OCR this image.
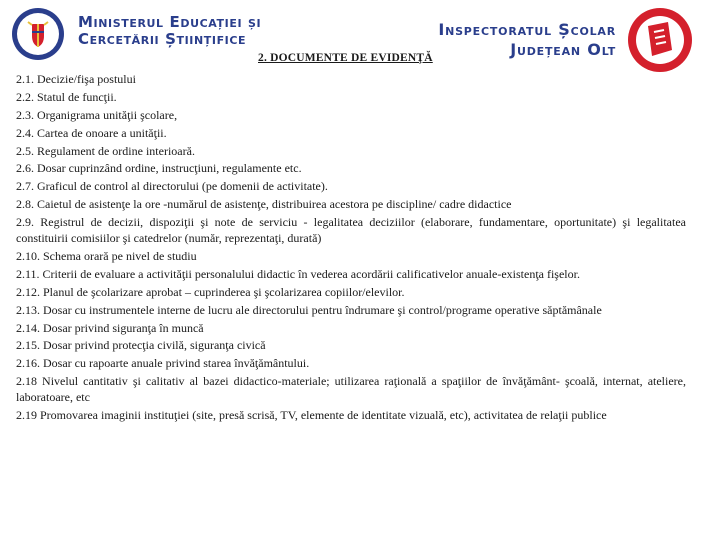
Ministerul Educației și
Cercetării Științifice	Inspectoratul Școlar
Județean Olt
2. DOCUMENTE DE EVIDENŢĂ

2.1. Decizie/fişa postului

2.2. Statul de funcţii.

2.3. Organigrama unităţii şcolare,

2.4. Cartea de onoare a unităţii.

2.5. Regulament de ordine interioară.

2.6. Dosar cuprinzând ordine, instrucţiuni, regulamente etc.

2.7. Graficul de control al directorului (pe domenii de activitate).

2.8. Caietul de asistenţe la ore -numărul de asistenţe, distribuirea acestora pe discipline/ cadre didactice

2.9. Registrul de decizii, dispoziţii şi note de serviciu - legalitatea deciziilor (elaborare, fundamentare, oportunitate) şi legalitatea constituirii comisiilor şi catedrelor (număr, reprezentaţi, durată)

2.10. Schema orară pe nivel de studiu

2.11. Criterii de evaluare a activităţii personalului didactic în vederea acordării calificativelor anuale-existenţa fişelor.

2.12. Planul de şcolarizare aprobat – cuprinderea şi şcolarizarea copiilor/elevilor.

2.13. Dosar cu instrumentele interne de lucru ale directorului pentru îndrumare şi control/programe operative săptămânale

2.14. Dosar privind siguranţa în muncă

2.15. Dosar privind protecţia civilă, siguranţa civică

2.16. Dosar cu rapoarte anuale privind starea învăţământului.

2.18 Nivelul cantitativ şi calitativ al bazei didactico-materiale; utilizarea raţională a spaţiilor de învăţământ- şcoală, internat, ateliere, laboratoare, etc

2.19 Promovarea imaginii instituţiei (site, presă scrisă, TV, elemente de identitate vizuală, etc), activitatea de relaţii publice
